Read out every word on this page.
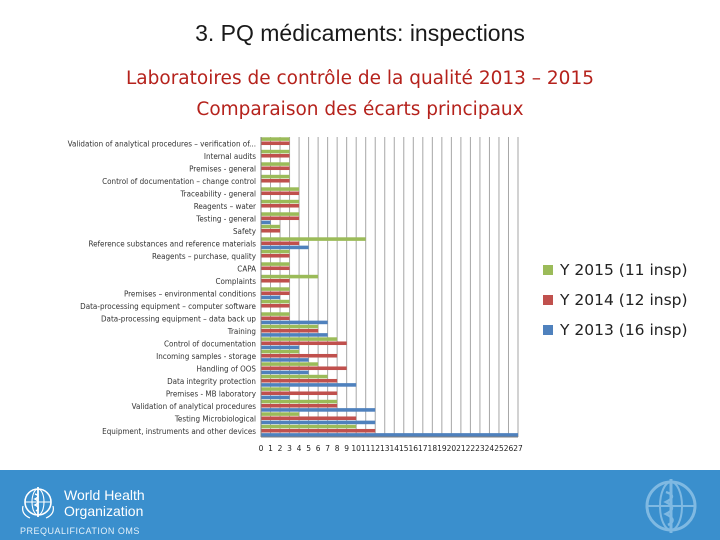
3. PQ médicaments: inspections
Laboratoires de contrôle de la qualité 2013 – 2015
Comparaison des écarts principaux
Validation of analytical procedures – verification of...
Internal audits
Premises - general
Control of documentation – change control
Traceability - general
Reagents – water
Testing - general
Safety
Reference substances and reference materials
Reagents – purchase, quality
CAPA
Complaints
Premises – environmental conditions
Data-processing equipment – computer software
Data-processing equipment – data back up
Training
Control of documentation
Incoming samples - storage
Handling of OOS
Data integrity protection
Premises - MB laboratory
Validation of analytical procedures
Testing Microbiological
Equipment, instruments and other devices
0 1 2 3 4 5 6 7 8 9 10 11 12 13 14 15 16 17 18 19 20 21 22 23 24 25 26 27
Y 2015 (11 insp)
Y 2014 (12 insp)
Y 2013 (16 insp)
World Health
Organization
PREQUALIFICATION OMS
